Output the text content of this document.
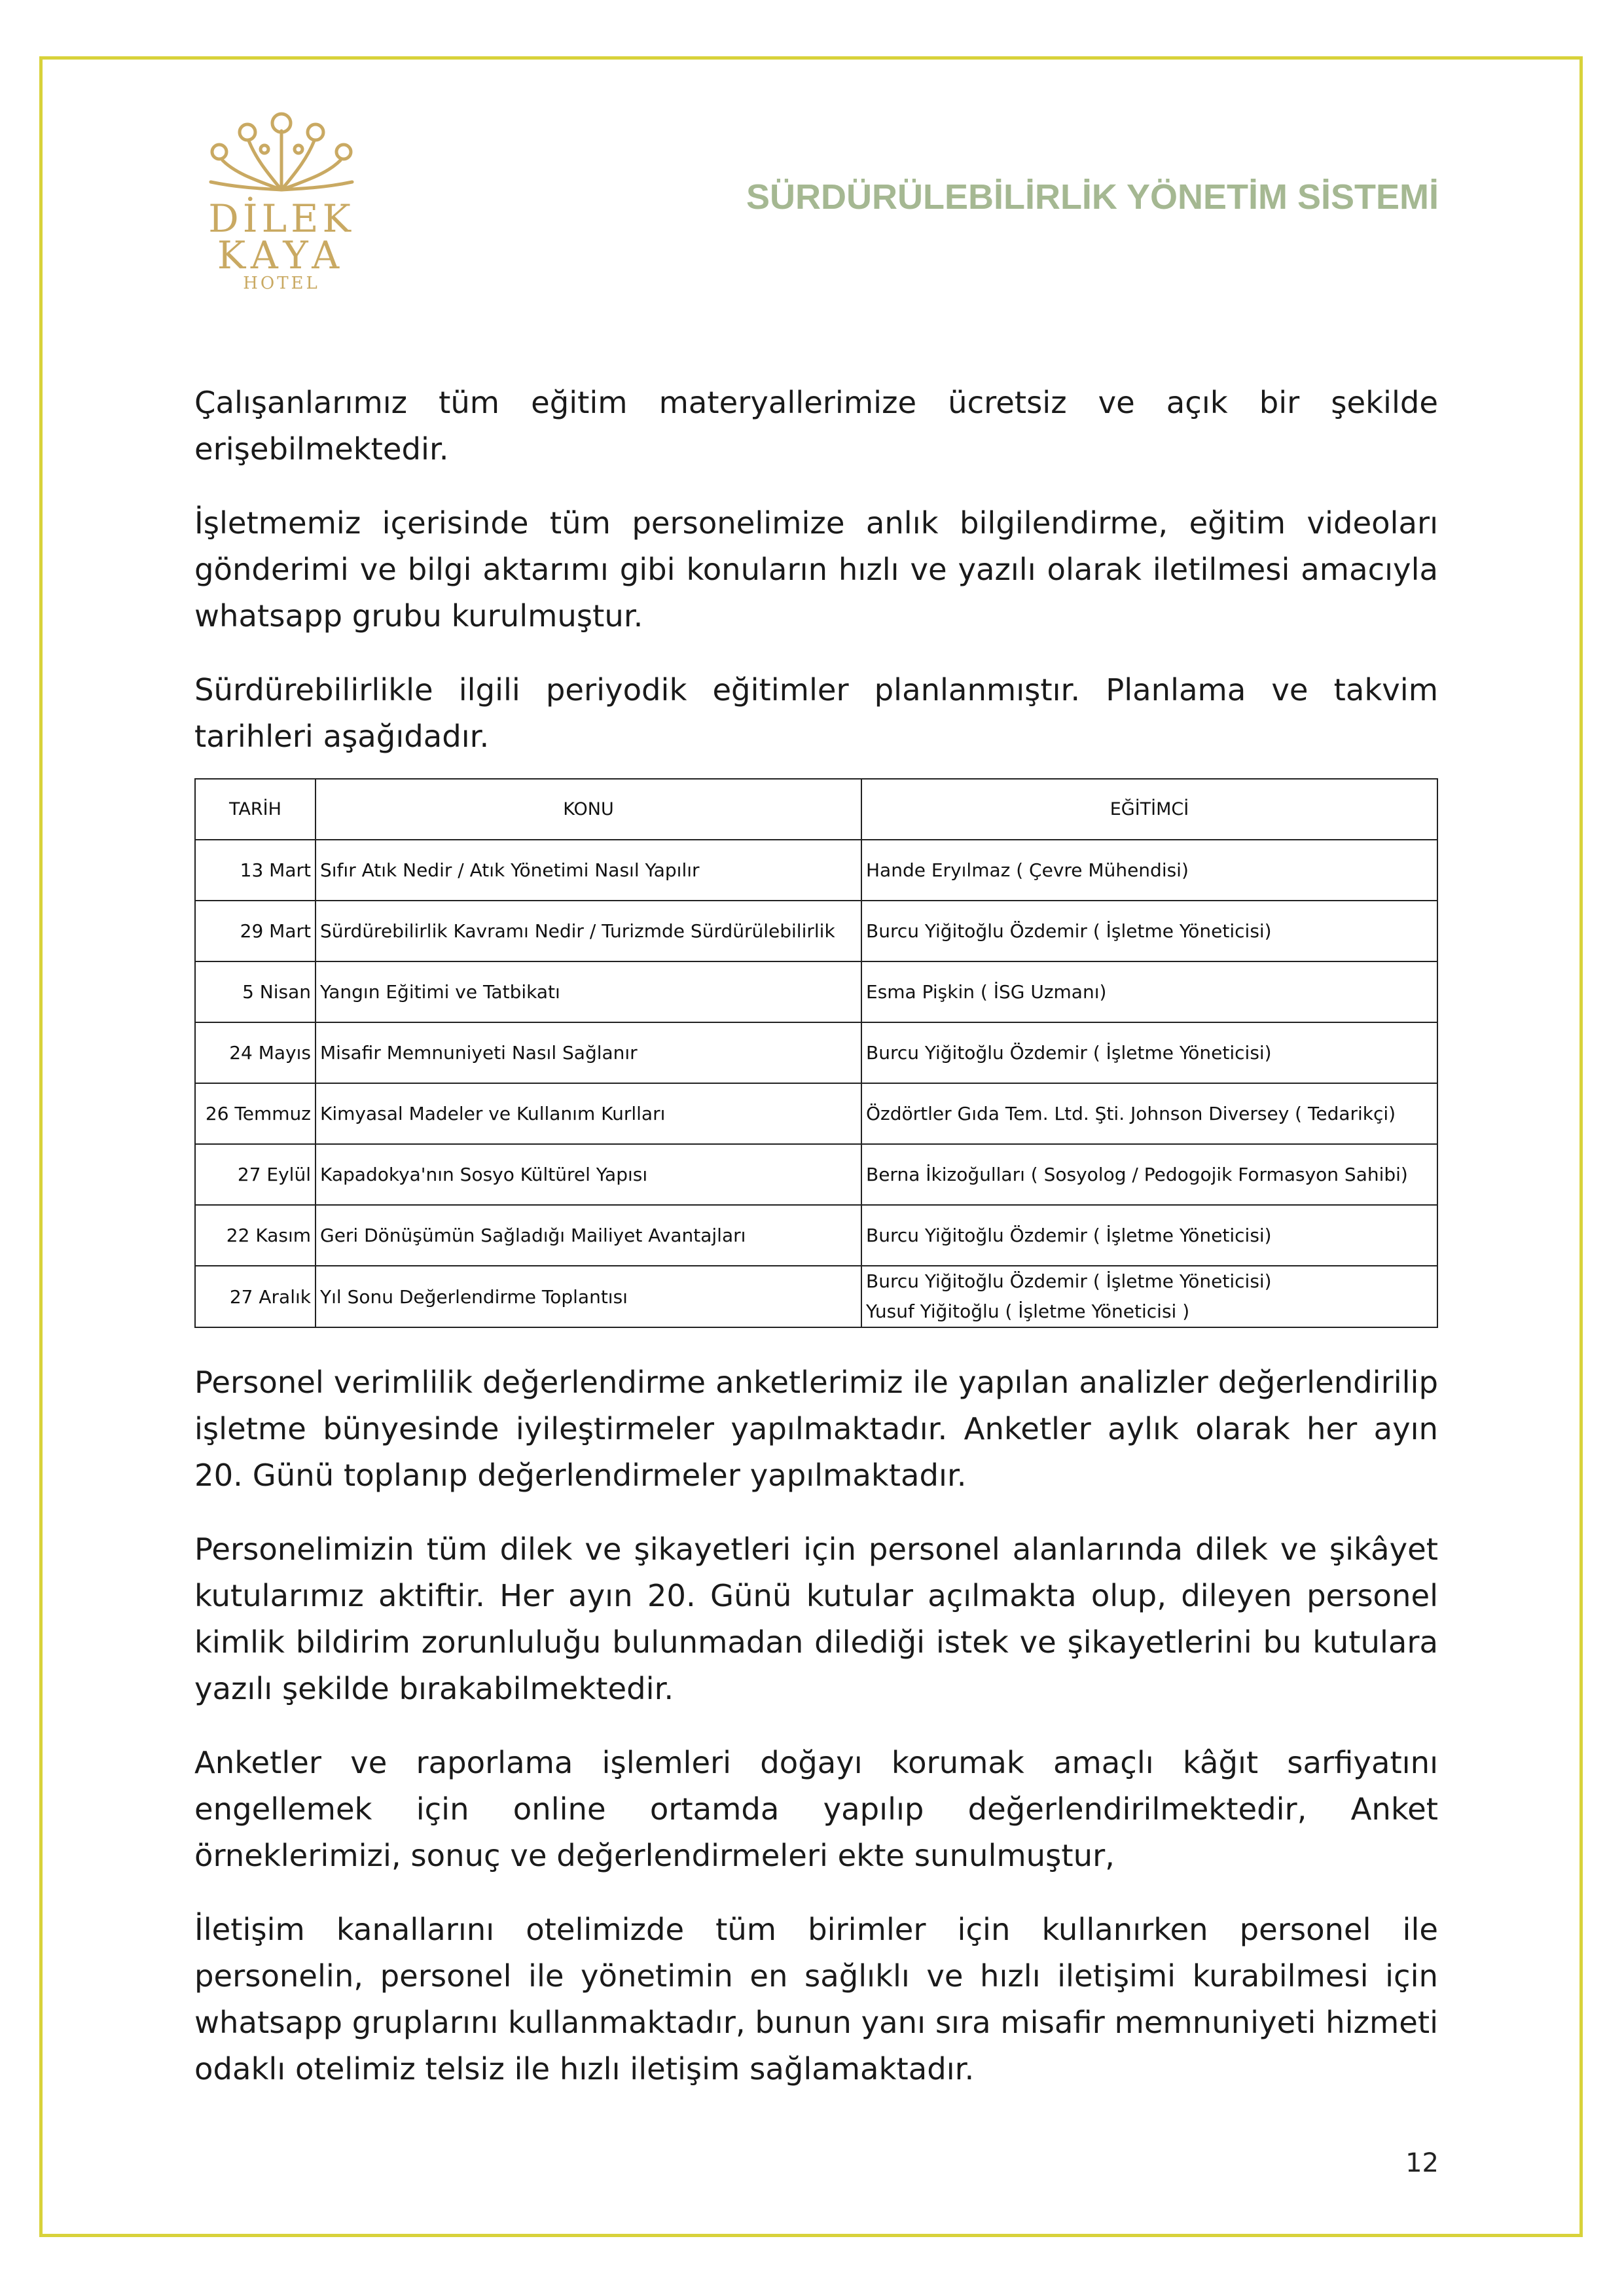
DİLEK
KAYA
HOTEL
SÜRDÜRÜLEBİLİRLİK YÖNETİM SİSTEMİ

Çalışanlarımız tüm eğitim materyallerimize ücretsiz ve açık bir şekilde erişebilmektedir.

İşletmemiz içerisinde tüm personelimize anlık bilgilendirme, eğitim videoları gönderimi ve bilgi aktarımı gibi konuların hızlı ve yazılı olarak iletilmesi amacıyla whatsapp grubu kurulmuştur.

Sürdürebilirlikle ilgili periyodik eğitimler planlanmıştır. Planlama ve takvim tarihleri aşağıdadır.

TARİH	KONU	EĞİTİMCİ
13 Mart	Sıfır Atık Nedir / Atık Yönetimi Nasıl Yapılır	Hande Eryılmaz ( Çevre Mühendisi)
29 Mart	Sürdürebilirlik Kavramı Nedir / Turizmde Sürdürülebilirlik	Burcu Yiğitoğlu Özdemir ( İşletme Yöneticisi)
5 Nisan	Yangın Eğitimi ve Tatbikatı	Esma Pişkin ( İSG Uzmanı)
24 Mayıs	Misafir Memnuniyeti Nasıl Sağlanır	Burcu Yiğitoğlu Özdemir ( İşletme Yöneticisi)
26 Temmuz	Kimyasal Madeler ve Kullanım Kurlları	Özdörtler Gıda Tem. Ltd. Şti. Johnson Diversey ( Tedarikçi)
27 Eylül	Kapadokya'nın Sosyo Kültürel Yapısı	Berna İkizoğulları ( Sosyolog / Pedogojik Formasyon Sahibi)
22 Kasım	Geri Dönüşümün Sağladığı Mailiyet Avantajları	Burcu Yiğitoğlu Özdemir ( İşletme Yöneticisi)
27 Aralık	Yıl Sonu Değerlendirme Toplantısı	Burcu Yiğitoğlu Özdemir ( İşletme Yöneticisi)
Yusuf Yiğitoğlu ( İşletme Yöneticisi )

Personel verimlilik değerlendirme anketlerimiz ile yapılan analizler değerlendirilip işletme bünyesinde iyileştirmeler yapılmaktadır. Anketler aylık olarak her ayın 20. Günü toplanıp değerlendirmeler yapılmaktadır.

Personelimizin tüm dilek ve şikayetleri için personel alanlarında dilek ve şikâyet kutularımız aktiftir. Her ayın 20. Günü kutular açılmakta olup, dileyen personel kimlik bildirim zorunluluğu bulunmadan dilediği istek ve şikayetlerini bu kutulara yazılı şekilde bırakabilmektedir.

Anketler ve raporlama işlemleri doğayı korumak amaçlı kâğıt sarfiyatını engellemek için online ortamda yapılıp değerlendirilmektedir, Anket örneklerimizi, sonuç ve değerlendirmeleri ekte sunulmuştur,

İletişim kanallarını otelimizde tüm birimler için kullanırken personel ile personelin, personel ile yönetimin en sağlıklı ve hızlı iletişimi kurabilmesi için whatsapp gruplarını kullanmaktadır, bunun yanı sıra misafir memnuniyeti hizmeti odaklı otelimiz telsiz ile hızlı iletişim sağlamaktadır.

12
